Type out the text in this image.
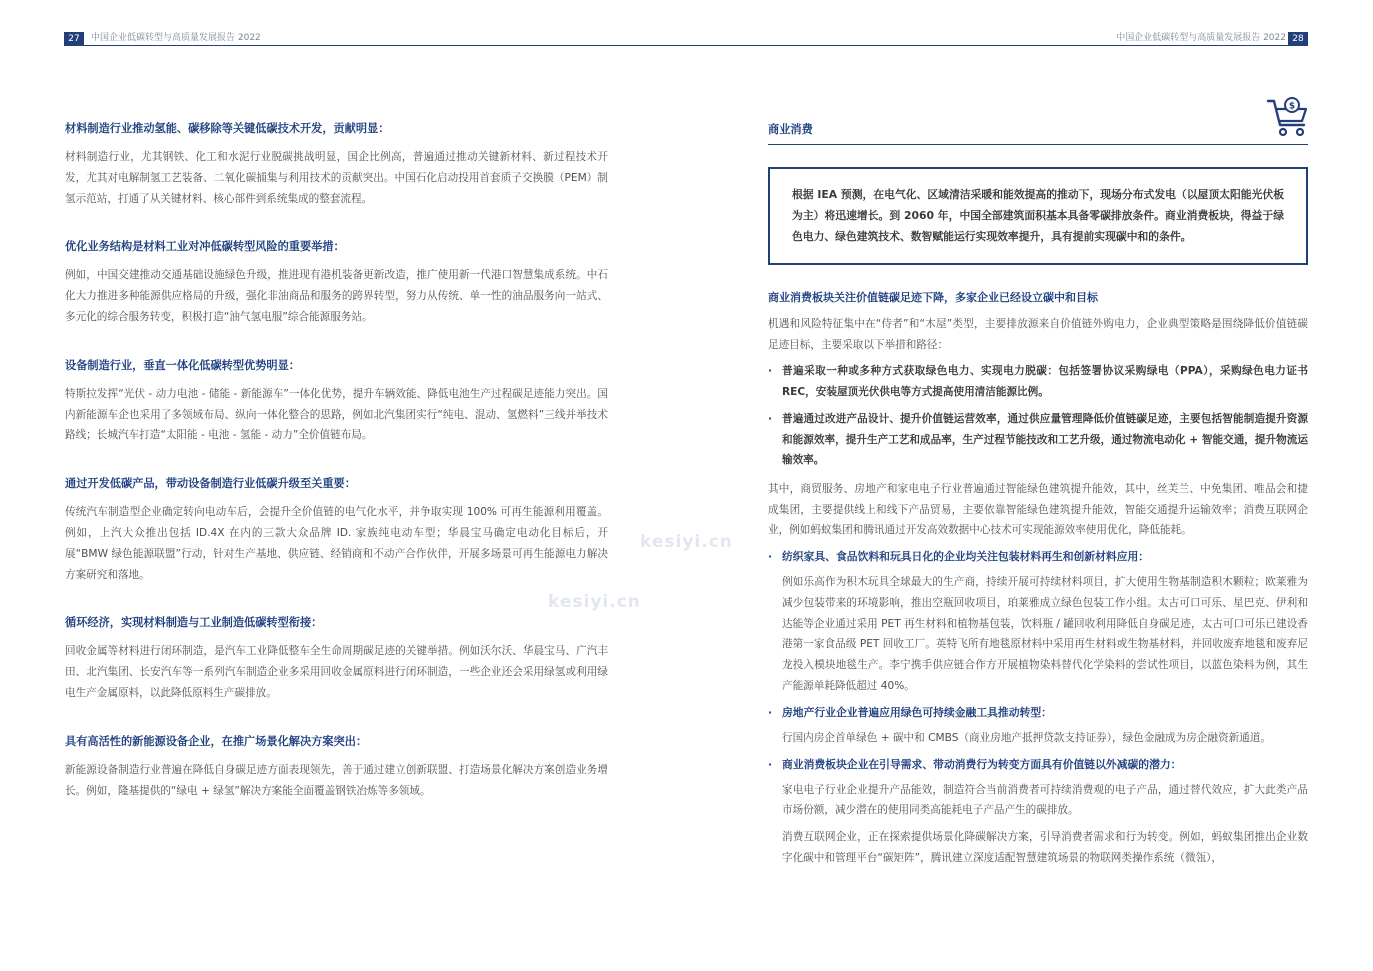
27	中国企业低碳转型与高质量发展报告 2022	中国企业低碳转型与高质量发展报告 2022 28
kesiyi.cn
kesiyi.cn

材料制造行业推动氢能、碳移除等关键低碳技术开发，贡献明显：

材料制造行业，尤其钢铁、化工和水泥行业脱碳挑战明显，国企比例高，普遍通过推动关键新材料、新过程技术开发，尤其对电解制氢工艺装备、二氧化碳捕集与利用技术的贡献突出。中国石化启动投用首套质子交换膜（PEM）制氢示范站，打通了从关键材料、核心部件到系统集成的整套流程。

优化业务结构是材料工业对冲低碳转型风险的重要举措：

例如，中国交建推动交通基础设施绿色升级，推进现有港机装备更新改造，推广使用新一代港口智慧集成系统。中石化大力推进多种能源供应格局的升级，强化非油商品和服务的跨界转型，努力从传统、单一性的油品服务向一站式、多元化的综合服务转变，积极打造“油气氢电服”综合能源服务站。

设备制造行业，垂直一体化低碳转型优势明显：

特斯拉发挥“光伏 - 动力电池 - 储能 - 新能源车”一体化优势，提升车辆效能、降低电池生产过程碳足迹能力突出。国内新能源车企也采用了多领域布局、纵向一体化整合的思路，例如北汽集团实行“纯电、混动、氢燃料”三线并举技术路线；长城汽车打造“太阳能 - 电池 - 氢能 - 动力”全价值链布局。

通过开发低碳产品，带动设备制造行业低碳升级至关重要：

传统汽车制造型企业确定转向电动车后，会提升全价值链的电气化水平，并争取实现 100% 可再生能源利用覆盖。例如，上汽大众推出包括 ID.4X 在内的三款大众品牌 ID. 家族纯电动车型；华晨宝马确定电动化目标后，开展“BMW 绿色能源联盟”行动，针对生产基地、供应链、经销商和不动产合作伙伴，开展多场景可再生能源电力解决方案研究和落地。

循环经济，实现材料制造与工业制造低碳转型衔接：

回收金属等材料进行闭环制造，是汽车工业降低整车全生命周期碳足迹的关键举措。例如沃尔沃、华晨宝马、广汽丰田、北汽集团、长安汽车等一系列汽车制造企业多采用回收金属原料进行闭环制造，一些企业还会采用绿氢或利用绿电生产金属原料，以此降低原料生产碳排放。

具有高活性的新能源设备企业，在推广场景化解决方案突出：

新能源设备制造行业普遍在降低自身碳足迹方面表现领先，善于通过建立创新联盟、打造场景化解决方案创造业务增长。例如，隆基提供的“绿电 + 绿氢”解决方案能全面覆盖钢铁冶炼等多领域。

$

商业消费

根据 IEA 预测，在电气化、区域清洁采暖和能效提高的推动下，现场分布式发电（以屋顶太阳能光伏板为主）将迅速增长。到 2060 年，中国全部建筑面积基本具备零碳排放条件。商业消费板块，得益于绿色电力、绿色建筑技术、数智赋能运行实现效率提升，具有提前实现碳中和的条件。

商业消费板块关注价值链碳足迹下降，多家企业已经设立碳中和目标

机遇和风险特征集中在“侍者”和“木屋”类型，主要排放源来自价值链外购电力，企业典型策略是围绕降低价值链碳足迹目标，主要采取以下举措和路径：

· 普遍采取一种或多种方式获取绿色电力、实现电力脱碳：包括签署协议采购绿电（PPA），采购绿色电力证书 REC，安装屋顶光伏供电等方式提高使用清洁能源比例。
· 普遍通过改进产品设计、提升价值链运营效率，通过供应量管理降低价值链碳足迹，主要包括智能制造提升资源和能源效率，提升生产工艺和成品率，生产过程节能技改和工艺升级，通过物流电动化 + 智能交通，提升物流运输效率。

其中，商贸服务、房地产和家电电子行业普遍通过智能绿色建筑提升能效，其中，丝芙兰、中免集团、唯品会和捷成集团，主要提供线上和线下产品贸易，主要依靠智能绿色建筑提升能效，智能交通提升运输效率；消费互联网企业，例如蚂蚁集团和腾讯通过开发高效数据中心技术可实现能源效率使用优化，降低能耗。

· 纺织家具、食品饮料和玩具日化的企业均关注包装材料再生和创新材料应用：

例如乐高作为积木玩具全球最大的生产商，持续开展可持续材料项目，扩大使用生物基制造积木颗粒；欧莱雅为减少包装带来的环境影响，推出空瓶回收项目，珀莱雅成立绿色包装工作小组。太古可口可乐、星巴克、伊利和达能等企业通过采用 PET 再生材料和植物基包装，饮料瓶 / 罐回收利用降低自身碳足迹，太古可口可乐已建设香港第一家食品级 PET 回收工厂。英特飞所有地毯原材料中采用再生材料或生物基材料，并回收废弃地毯和废弃尼龙投入模块地毯生产。李宁携手供应链合作方开展植物染料替代化学染料的尝试性项目，以蓝色染料为例，其生产能源单耗降低超过 40%。

· 房地产行业企业普遍应用绿色可持续金融工具推动转型：

行国内房企首单绿色 + 碳中和 CMBS（商业房地产抵押贷款支持证券），绿色金融成为房企融资新通道。

· 商业消费板块企业在引导需求、带动消费行为转变方面具有价值链以外减碳的潜力：

家电电子行业企业提升产品能效，制造符合当前消费者可持续消费观的电子产品，通过替代效应，扩大此类产品市场份额，减少潜在的使用同类高能耗电子产品产生的碳排放。

消费互联网企业，正在探索提供场景化降碳解决方案，引导消费者需求和行为转变。例如，蚂蚁集团推出企业数字化碳中和管理平台“碳矩阵”，腾讯建立深度适配智慧建筑场景的物联网类操作系统（微瓴），
